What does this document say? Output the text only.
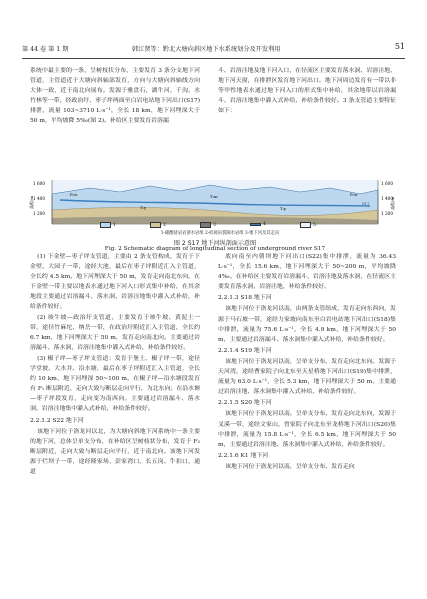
第 44 卷 第 1 期	韩江贤等：黔北大塘向斜区地下水系统划分及开发利用	51

系统中最主要的一条，呈树枝状分布，主要发育 3 条分支地下河管道，主管道近于大塘向斜轴部发育，方向与大塘向斜轴线方向大体一致，近于南北向展布。发源于雅盘石、湖牛河、千沟、水竹林等一带，经政治圩、枣子坪两面至白岩电站地下河出口(S17)排泄，流量 103~3710 L·s⁻¹，全长 18 km，地下河埋深大于 50 m，平均坡降 5‰(图 2)。补给区主要发育岩溶漏

斗、岩溶洼地及地下河入口，在径流区主要发育落水洞、岩溶洼地、地下河天窗，在排泄区发育地下河出口。地下河周边发育有一带以非等甲性地表水通过地下河入口的形式集中补给，其余地带以岩溶漏斗、岩溶洼地集中灌入式补给，补给条件较好。3 条支管道主要特征如下：

1 600
1 400
1 200
1 600
1 400
1 200
高程/m	高程/m
P₂w
T₁y
T₁m
T₁y
P₂w
S17
1	2	3	4	5
1-碳酸盐岩岩溶水岩组 2-碎屑岩裂隙水岩组 3-地下河及其走向
图 2 S17 地下河纵剖面示意图
Fig. 2 Schematic diagram of longitudinal section of underground river S17

(1) 下金壁—枣子坪支管道，主要由 2 条支管构成，发育于下金壁、大园子一带，途经大池，最后在枣子坪附近汇入主管道，全长约 4.5 km，地下河埋深大于 50 m，发育走向南北东向。在下金壁一带主要以地表水通过地下河入口形式集中补给，在其余地段主要通过岩溶漏斗、落水洞、岩溶洼地集中灌入式补给，补给条件较好。

(2) 竣牛坡—政治圩支管道，主要发育于竣牛坡、黄泥土一带，途径竹麻坨、纳岳一带，在政治圩附近汇入主管道，全长约 6.7 km，地下河埋深大于 50 m，发育走向南北向。主要通过岩溶漏斗、落水洞、岩溶洼地集中灌入式补给，补给条件较好。

(3) 椒子坪—枣子坪支管道：发育于堡土、椒子坪一带，途径学堂坡、大水井、沿水塘，最后在枣子坪附近汇入主管道，全长约 10 km，地下河埋深 50~100 m，在椒子坪—沿水塘段发育有 F₁ 断层附近，走向大致与断层走向平行，为北东向；在沿水塘—枣子坪段发育，走向变为南西向。主要通过岩溶漏斗、落水洞、岩溶洼地集中灌入式补给，补给条件较好。

2.2.1.2 S22 地下河

该地下河位于洛龙河以北，为大塘向斜地下河系统中一条主要的地下河，总体呈单支分布，在补给区呈树枝状分布，发育于 F₂ 断层附近，走向大致与断层走向平行，近于南北向。该地下河发源于烂坝子一带，途经隆家场、彭家湾口、长五岗、牛扣口，通道

底向南至内朝坝地下河出口(S22)集中排泄，流量为 36.43 L·s⁻¹，全长 15.6 km，地下河埋深大于 50~200 m，平均坡降 4‰。在补给区主要发育岩溶漏斗、岩溶洼地及落水洞，在径流区主要发育落水洞、岩溶洼地，补给条件较好。

2.2.1.3 S18 地下河

该地下河位于洛龙河以南，由两条支管组成，发育走向东西向，发源于马石坡一带，途经力家坡向南东至白岩电站地下河出口(S18)集中排泄，流量为 75.6 L·s⁻¹，全长 4.9 km，地下河埋深大于 50 m，主要通过岩溶漏斗、落水洞集中灌入式补给，补给条件较好。

2.2.1.4 S19 地下河

该地下河位于洛龙河以南，呈单支分布，发育走向北东向。发源于天河湾，途经曹家院子向北东至天星桥地下河出口(S19)集中排泄，流量为 63.0 L·s⁻¹，全长 5.3 km，地下河埋深大于 50 m，主要通过岩溶洼地、落水洞集中灌入式补给，补给条件较好。

2.2.1.5 S20 地下河

该地下河位于洛龙河以南，呈单支分布，发育走向北东向，发源于叉溪一带，途经文家山，曾家院子向北东至龙桥地下河出口(S20)集中排泄，流量为 15.8 L·s⁻¹，全长 6.5 km，地下河埋深大于 50 m，主要通过岩溶洼地、落水洞集中灌入式补给，补给条件较好。

2.2.1.6 K1 地下河

该地下河位于洛龙河以南，呈单支分布，发育走向
